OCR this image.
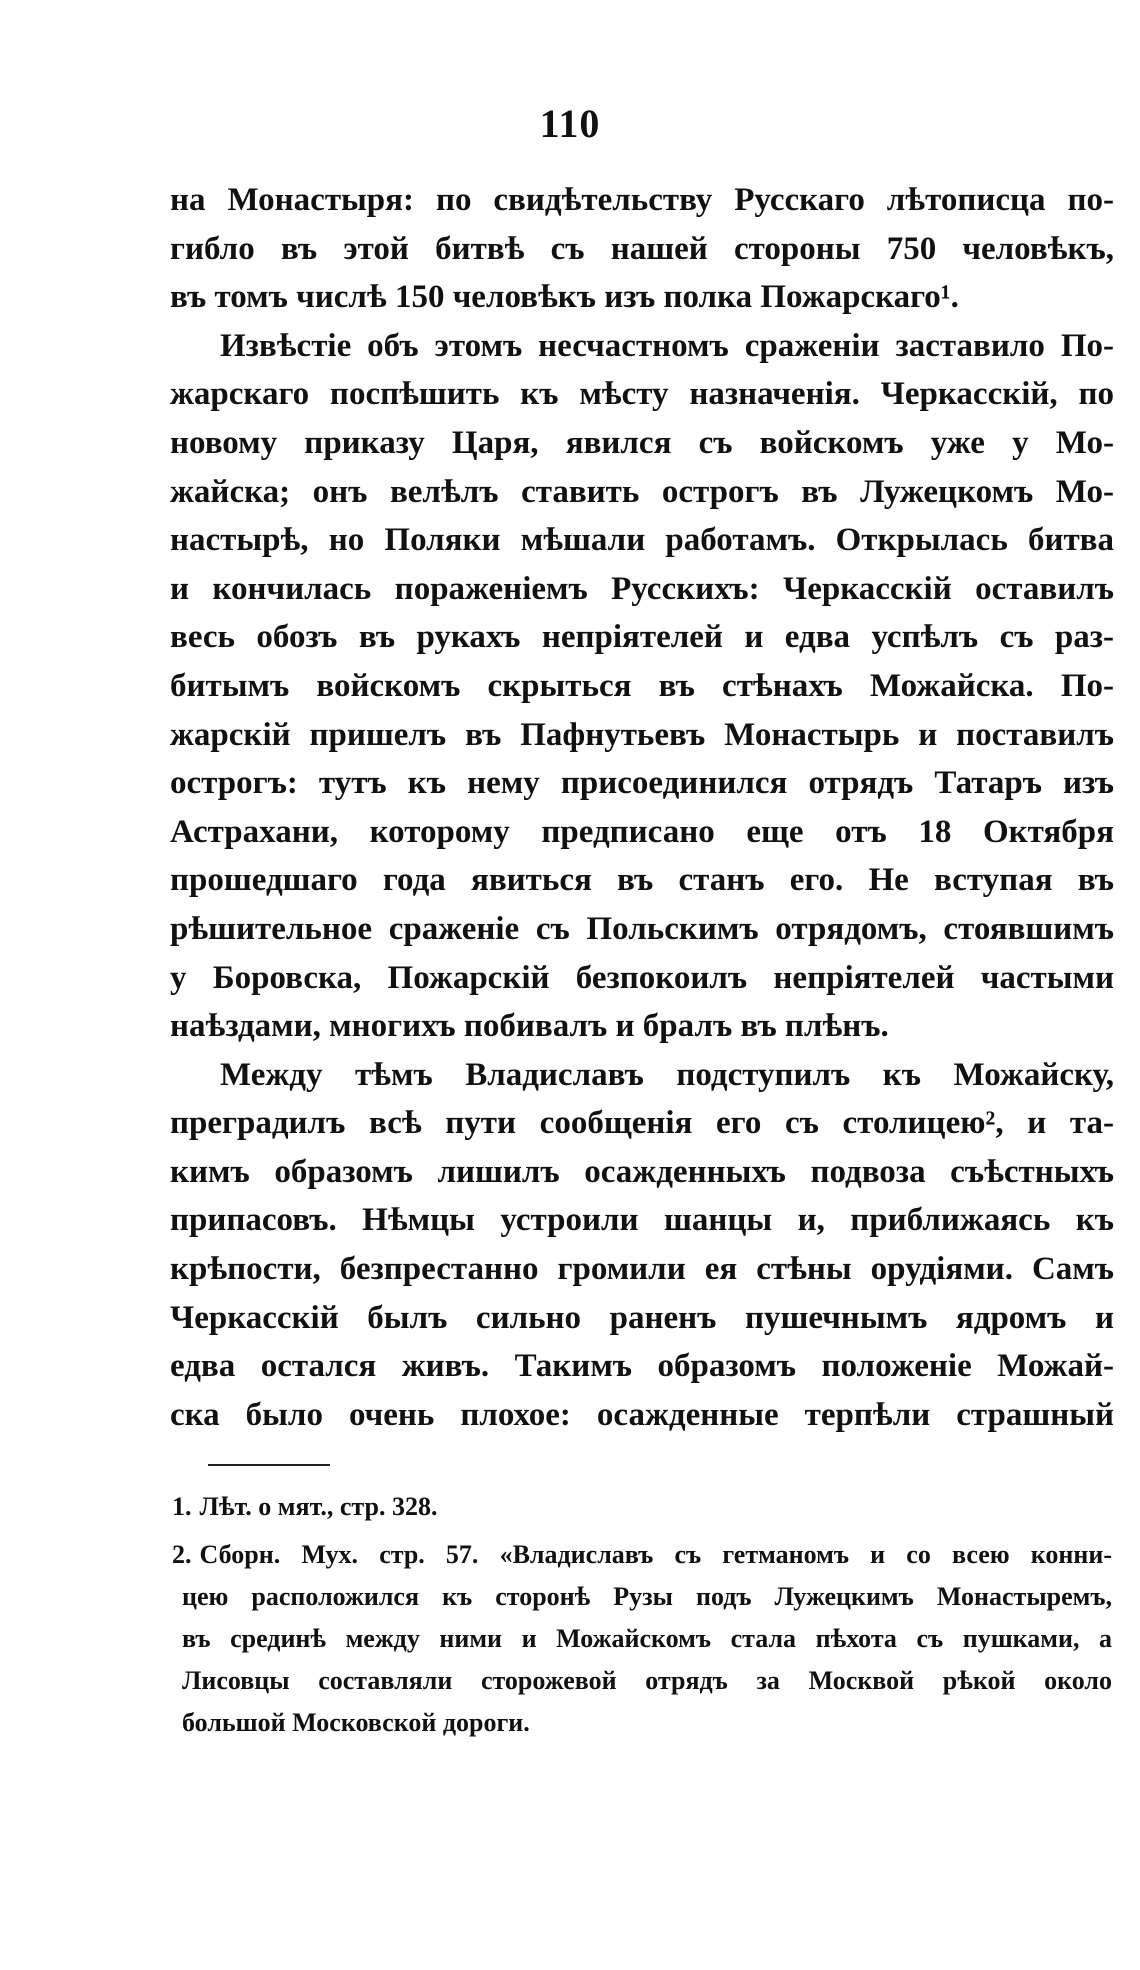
110

на Монастыря: по свидѣтельству Русскаго лѣтописца по-
гибло въ этой битвѣ съ нашей стороны 750 человѣкъ,
въ томъ числѣ 150 человѣкъ изъ полка Пожарскаго¹.

Извѣстіе объ этомъ несчастномъ сраженіи заставило По-
жарскаго поспѣшить къ мѣсту назначенія. Черкасскій, по
новому приказу Царя, явился съ войскомъ уже у Мо-
жайска; онъ велѣлъ ставить острогъ въ Лужецкомъ Мо-
настырѣ, но Поляки мѣшали работамъ. Открылась битва
и кончилась пораженіемъ Русскихъ: Черкасскій оставилъ
весь обозъ въ рукахъ непріятелей и едва успѣлъ съ раз-
битымъ войскомъ скрыться въ стѣнахъ Можайска. По-
жарскій пришелъ въ Пафнутьевъ Монастырь и поставилъ
острогъ: тутъ къ нему присоединился отрядъ Татаръ изъ
Астрахани, которому предписано еще отъ 18 Октября
прошедшаго года явиться въ станъ его. Не вступая въ
рѣшительное сраженіе съ Польскимъ отрядомъ, стоявшимъ
у Боровска, Пожарскій безпокоилъ непріятелей частыми
наѣздами, многихъ побивалъ и бралъ въ плѣнъ.

Между тѣмъ Владиславъ подступилъ къ Можайску,
преградилъ всѣ пути сообщенія его съ столицею², и та-
кимъ образомъ лишилъ осажденныхъ подвоза съѣстныхъ
припасовъ. Нѣмцы устроили шанцы и, приближаясь къ
крѣпости, безпрестанно громили ея стѣны орудіями. Самъ
Черкасскій былъ сильно раненъ пушечнымъ ядромъ и
едва остался живъ. Такимъ образомъ положеніе Можай-
ска было очень плохое: осажденные терпѣли страшный

1. Лѣт. о мят., стр. 328.
2. Сборн. Мух. стр. 57. «Владиславъ съ гетманомъ и со всею конни-
цею расположился къ сторонѣ Рузы подъ Лужецкимъ Монастыремъ,
въ срединѣ между ними и Можайскомъ стала пѣхота съ пушками, а
Лисовцы составляли сторожевой отрядъ за Москвой рѣкой около
большой Московской дороги.
